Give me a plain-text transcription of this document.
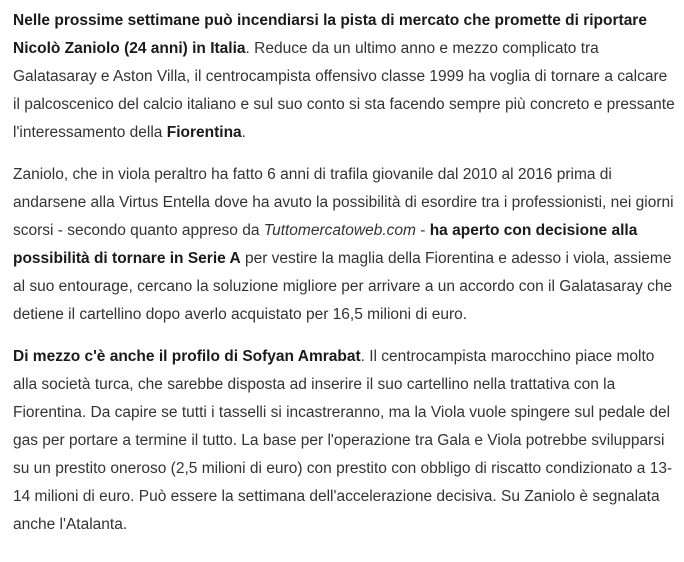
Nelle prossime settimane può incendiarsi la pista di mercato che promette di riportare Nicolò Zaniolo (24 anni) in Italia. Reduce da un ultimo anno e mezzo complicato tra Galatasaray e Aston Villa, il centrocampista offensivo classe 1999 ha voglia di tornare a calcare il palcoscenico del calcio italiano e sul suo conto si sta facendo sempre più concreto e pressante l'interessamento della Fiorentina.

Zaniolo, che in viola peraltro ha fatto 6 anni di trafila giovanile dal 2010 al 2016 prima di andarsene alla Virtus Entella dove ha avuto la possibilità di esordire tra i professionisti, nei giorni scorsi - secondo quanto appreso da Tuttomercatoweb.com - ha aperto con decisione alla possibilità di tornare in Serie A per vestire la maglia della Fiorentina e adesso i viola, assieme al suo entourage, cercano la soluzione migliore per arrivare a un accordo con il Galatasaray che detiene il cartellino dopo averlo acquistato per 16,5 milioni di euro.

Di mezzo c'è anche il profilo di Sofyan Amrabat. Il centrocampista marocchino piace molto alla società turca, che sarebbe disposta ad inserire il suo cartellino nella trattativa con la Fiorentina. Da capire se tutti i tasselli si incastreranno, ma la Viola vuole spingere sul pedale del gas per portare a termine il tutto. La base per l'operazione tra Gala e Viola potrebbe svilupparsi su un prestito oneroso (2,5 milioni di euro) con prestito con obbligo di riscatto condizionato a 13-14 milioni di euro. Può essere la settimana dell'accelerazione decisiva. Su Zaniolo è segnalata anche l'Atalanta.
